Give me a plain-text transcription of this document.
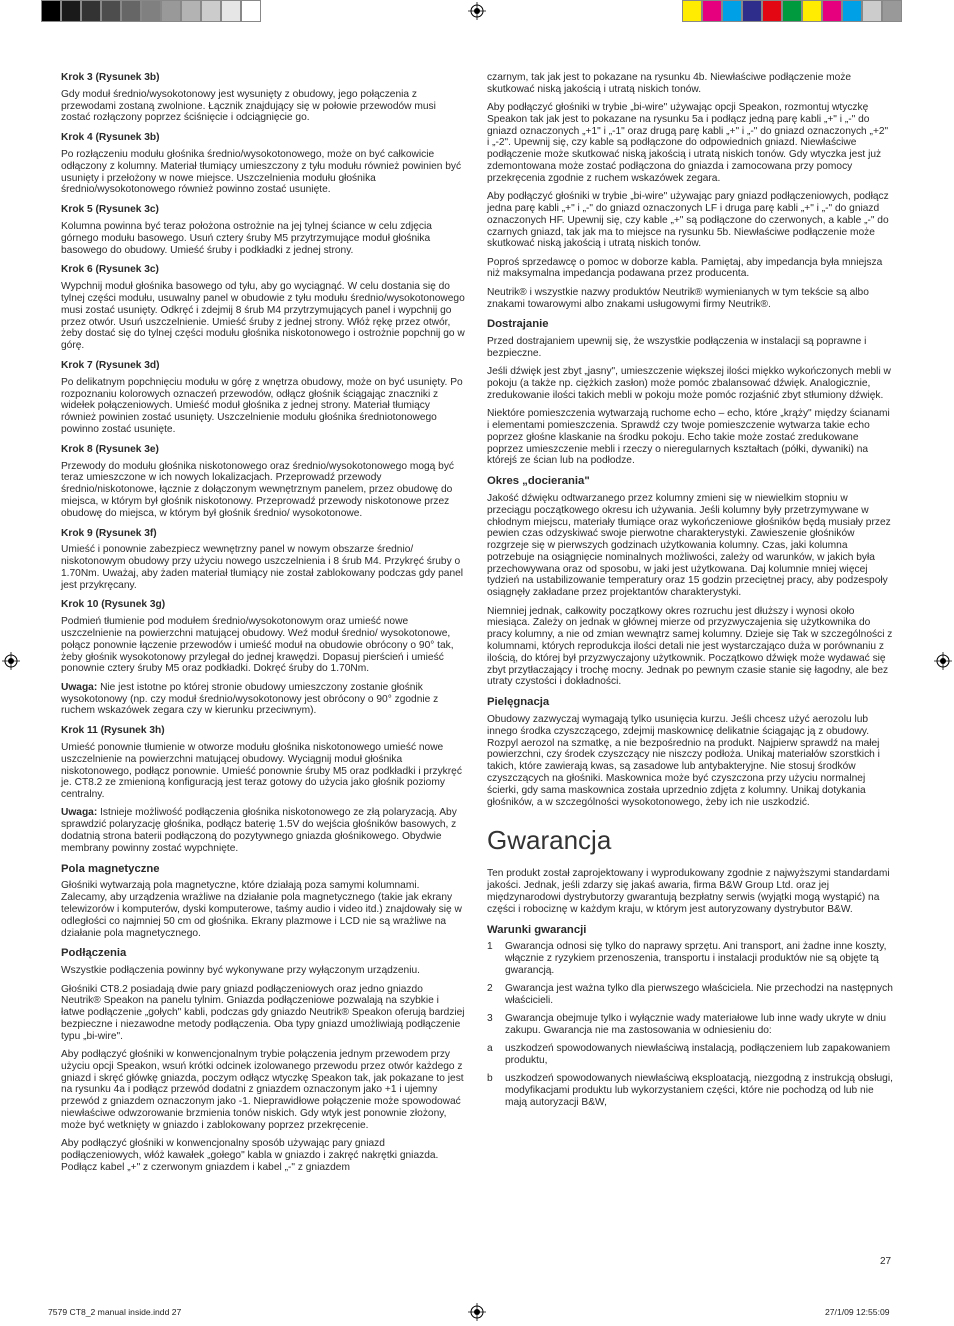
Krok 3 (Rysunek 3b)

Gdy moduł średnio/wysokotonowy jest wysunięty z obudowy, jego połączenia z przewodami zostaną zwolnione. Łącznik znajdujący się w połowie przewodów musi zostać rozłączony poprzez ściśnięcie i odciągnięcie go.

Krok 4 (Rysunek 3b)

Po rozłączeniu modułu głośnika średnio/wysokotonowego, może on być całkowicie odłączony z kolumny. Materiał tłumiący umieszczony z tyłu modułu również powinien być usunięty i przełożony w nowe miejsce. Uszczelnienia modułu głośnika średnio/wysokotonowego również powinno zostać usunięte.

Krok 5 (Rysunek 3c)

Kolumna powinna być teraz położona ostrożnie na jej tylnej ściance w celu zdjęcia górnego modułu basowego. Usuń cztery śruby M5 przytrzymujące moduł głośnika basowego do obudowy. Umieść śruby i podkładki z jednej strony.

Krok 6 (Rysunek 3c)

Wypchnij moduł głośnika basowego od tyłu, aby go wyciągnąć. W celu dostania się do tylnej części modułu, usuwalny panel w obudowie z tyłu modułu średnio/wysokotonowego musi zostać usunięty. Odkręć i zdejmij 8 śrub M4 przytrzymujących panel i wypchnij go przez otwór. Usuń uszczelnienie. Umieść śruby z jednej strony. Włóż rękę przez otwór, żeby dostać się do tylnej części modułu głośnika niskotonowego i ostrożnie popchnij go w górę.

Krok 7 (Rysunek 3d)

Po delikatnym popchnięciu modułu w górę z wnętrza obudowy, może on być usunięty. Po rozpoznaniu kolorowych oznaczeń przewodów, odłącz głośnik ściągając znaczniki z widełek połączeniowych. Umieść moduł głośnika z jednej strony. Materiał tłumiący również powinien zostać usunięty. Uszczelnienie modułu głośnika średniotonowego powinno zostać usunięte.

Krok 8 (Rysunek 3e)

Przewody do modułu głośnika niskotonowego oraz średnio/wysokotonowego mogą być teraz umieszczone w ich nowych lokalizacjach. Przeprowadź przewody średnio/niskotonowe, łącznie z dołączonym wewnętrznym panelem, przez obudowę do miejsca, w którym był głośnik niskotonowy. Przeprowadź przewody niskotonowe przez obudowę do miejsca, w którym był głośnik średnio/ wysokotonowe.

Krok 9 (Rysunek 3f)

Umieść i ponownie zabezpiecz wewnętrzny panel w nowym obszarze średnio/ niskotonowym obudowy przy użyciu nowego uszczelnienia i 8 śrub M4. Przykręć śruby o 1.70Nm. Uważaj, aby żaden materiał tłumiący nie został zablokowany podczas gdy panel jest przykręcany.

Krok 10 (Rysunek 3g)

Podmień tłumienie pod modułem średnio/wysokotonowym oraz umieść nowe uszczelnienie na powierzchni matującej obudowy. Weź moduł średnio/ wysokotonowe, połącz ponownie łączenie przewodów i umieść moduł na obudowie obrócony o 90° tak, żeby głośnik wysokotonowy przylegał do jednej krawędzi. Dopasuj pierścień i umieść ponownie cztery śruby M5 oraz podkładki. Dokręć śruby do 1.70Nm.

Uwaga: Nie jest istotne po której stronie obudowy umieszczony zostanie głośnik wysokotonowy (np. czy moduł średnio/wysokotonowy jest obrócony o 90° zgodnie z ruchem wskazówek zegara czy w kierunku przeciwnym).

Krok 11 (Rysunek 3h)

Umieść ponownie tłumienie w otworze modułu głośnika niskotonowego umieść nowe uszczelnienie na powierzchni matującej obudowy. Wyciągnij moduł głośnika niskotonowego, podłącz ponownie. Umieść ponownie śruby M5 oraz podkładki i przykręć je. CT8.2 ze zmienioną konfiguracją jest teraz gotowy do użycia jako głośnik poziomy centralny.

Uwaga: Istnieje możliwość podłączenia głośnika niskotonowego ze złą polaryzacją. Aby sprawdzić polaryzację głośnika, podłącz baterię 1.5V do wejścia głośników basowych, z dodatnią strona baterii podłączoną do pozytywnego gniazda głośnikowego. Obydwie membrany powinny zostać wypchnięte.

Pola magnetyczne

Głośniki wytwarzają pola magnetyczne, które działają poza samymi kolumnami. Zalecamy, aby urządzenia wrażliwe na działanie pola magnetycznego (takie jak ekrany telewizorów i komputerów, dyski komputerowe, taśmy audio i video itd.) znajdowały się w odległości co najmniej 50 cm od głośnika. Ekrany plazmowe i LCD nie są wrażliwe na działanie pola magnetycznego.

Podłączenia

Wszystkie podłączenia powinny być wykonywane przy wyłączonym urządzeniu.

Głośniki CT8.2 posiadają dwie pary gniazd podłączeniowych oraz jedno gniazdo Neutrik® Speakon na panelu tylnim. Gniazda podłączeniowe pozwalają na szybkie i łatwe podłączenie „gołych" kabli, podczas gdy gniazdo Neutrik® Speakon oferują bardziej bezpieczne i niezawodne metody podłączenia. Oba typy gniazd umożliwiają podłączenie typu „bi-wire".

Aby podłączyć głośniki w konwencjonalnym trybie połączenia jednym przewodem przy użyciu opcji Speakon, wsuń krótki odcinek izolowanego przewodu przez otwór każdego z gniazd i skręć główkę gniazda, poczym odłącz wtyczkę Speakon tak, jak pokazane to jest na rysunku 4a i podłącz przewód dodatni z gniazdem oznaczonym jako +1 i ujemny przewód z gniazdem oznaczonym jako -1. Nieprawidłowe połączenie może spowodować niewłaściwe odwzorowanie brzmienia tonów niskich. Gdy wtyk jest ponownie złożony, może być wetknięty w gniazdo i zablokowany poprzez przekręcenie.

Aby podłączyć głośniki w konwencjonalny sposób używając pary gniazd podłączeniowych, włóż kawałek „gołego" kabla w gniazdo i zakręć nakrętki gniazda. Podłącz kabel „+" z czerwonym gniazdem i kabel „-" z gniazdem

czarnym, tak jak jest to pokazane na rysunku 4b. Niewłaściwe podłączenie może skutkować niską jakością i utratą niskich tonów.

Aby podłączyć głośniki w trybie „bi-wire" używając opcji Speakon, rozmontuj wtyczkę Speakon tak jak jest to pokazane na rysunku 5a i podłącz jedną parę kabli „+" i „-" do gniazd oznaczonych „+1" i „-1" oraz drugą parę kabli „+" i „-" do gniazd oznaczonych „+2" i „-2". Upewnij się, czy kable są podłączone do odpowiednich gniazd. Niewłaściwe podłączenie może skutkować niską jakością i utratą niskich tonów. Gdy wtyczka jest już zdemontowana może zostać podłączona do gniazda i zamocowana przy pomocy przekręcenia zgodnie z ruchem wskazówek zegara.

Aby podłączyć głośniki w trybie „bi-wire" używając pary gniazd podłączeniowych, podłącz jedna parę kabli „+" i „-" do gniazd oznaczonych LF i druga parę kabli „+" i „-" do gniazd oznaczonych HF. Upewnij się, czy kable „+" są podłączone do czerwonych, a kable „-" do czarnych gniazd, tak jak ma to miejsce na rysunku 5b. Niewłaściwe podłączenie może skutkować niską jakością i utratą niskich tonów.

Poproś sprzedawcę o pomoc w doborze kabla. Pamiętaj, aby impedancja była mniejsza niż maksymalna impedancja podawana przez producenta.

Neutrik® i wszystkie nazwy produktów Neutrik® wymienianych w tym tekście są albo znakami towarowymi albo znakami usługowymi firmy Neutrik®.

Dostrajanie

Przed dostrajaniem upewnij się, że wszystkie podłączenia w instalacji są poprawne i bezpieczne.

Jeśli dźwięk jest zbyt „jasny", umieszczenie większej ilości miękko wykończonych mebli w pokoju (a także np. ciężkich zasłon) może pomóc zbalansować dźwięk. Analogicznie, zredukowanie ilości takich mebli w pokoju może pomóc rozjaśnić zbyt stłumiony dźwięk.

Niektóre pomieszczenia wytwarzają ruchome echo – echo, które „krąży" między ścianami i elementami pomieszczenia. Sprawdź czy twoje pomieszczenie wytwarza takie echo poprzez głośne klaskanie na środku pokoju. Echo takie może zostać zredukowane poprzez umieszczenie mebli i rzeczy o nieregularnych kształtach (półki, dywaniki) na którejś ze ścian lub na podłodze.

Okres „docierania"

Jakość dźwięku odtwarzanego przez kolumny zmieni się w niewielkim stopniu w przeciągu początkowego okresu ich używania. Jeśli kolumny były przetrzymywane w chłodnym miejscu, materiały tłumiące oraz wykończeniowe głośników będą musiały przez pewien czas odzyskiwać swoje pierwotne charakterystyki. Zawieszenie głośników rozgrzeje się w pierwszych godzinach użytkowania kolumny. Czas, jaki kolumna potrzebuje na osiągnięcie nominalnych możliwości, zależy od warunków, w jakich była przechowywana oraz od sposobu, w jaki jest użytkowana. Daj kolumnie mniej więcej tydzień na ustabilizowanie temperatury oraz 15 godzin przeciętnej pracy, aby podzespoły osiągnęły zakładane przez projektantów charakterystyki.

Niemniej jednak, całkowity początkowy okres rozruchu jest dłuższy i wynosi około miesiąca. Zależy on jednak w głównej mierze od przyzwyczajenia się użytkownika do pracy kolumny, a nie od zmian wewnątrz samej kolumny. Dzieje się Tak w szczególności z kolumnami, których reprodukcja ilości detali nie jest wystarczająco duża w porównaniu z ilością, do której był przyzwyczajony użytkownik. Początkowo dźwięk może wydawać się zbyt przytłaczający i trochę mocny. Jednak po pewnym czasie stanie się łagodny, ale bez utraty czystości i dokładności.

Pielęgnacja

Obudowy zazwyczaj wymagają tylko usunięcia kurzu. Jeśli chcesz użyć aerozolu lub innego środka czyszczącego, zdejmij maskownicę delikatnie ściągając ją z obudowy. Rozpyl aerozol na szmatkę, a nie bezpośrednio na produkt. Najpierw sprawdź na małej powierzchni, czy środek czyszczący nie niszczy podłoża. Unikaj materiałów szorstkich i takich, które zawierają kwas, są zasadowe lub antybakteryjne. Nie stosuj środków czyszczących na głośniki. Maskownica może być czyszczona przy użyciu normalnej ścierki, gdy sama maskownica została uprzednio zdjęta z kolumny. Unikaj dotykania głośników, a w szczególności wysokotonowego, żeby ich nie uszkodzić.

Gwarancja

Ten produkt został zaprojektowany i wyprodukowany zgodnie z najwyższymi standardami jakości. Jednak, jeśli zdarzy się jakaś awaria, firma B&W Group Ltd. oraz jej międzynarodowi dystrybutorzy gwarantują bezpłatny serwis (wyjątki mogą wystąpić) na części i robociznę w każdym kraju, w którym jest autoryzowany dystrybutor B&W.

Warunki gwarancji
1	Gwarancja odnosi się tylko do naprawy sprzętu. Ani transport, ani żadne inne koszty, włącznie z ryzykiem przenoszenia, transportu i instalacji produktów nie są objęte tą gwarancją.
2	Gwarancja jest ważna tylko dla pierwszego właściciela. Nie przechodzi na następnych właścicieli.
3	Gwarancja obejmuje tylko i wyłącznie wady materiałowe lub inne wady ukryte w dniu zakupu. Gwarancja nie ma zastosowania w odniesieniu do:
a	uszkodzeń spowodowanych niewłaściwą instalacją, podłączeniem lub zapakowaniem produktu,
b	uszkodzeń spowodowanych niewłaściwą eksploatacją, niezgodną z instrukcją obsługi, modyfikacjami produktu lub wykorzystaniem części, które nie pochodzą od lub nie mają autoryzacji B&W,
27
7579 CT8_2 manual inside.indd 27	27/1/09 12:55:09
